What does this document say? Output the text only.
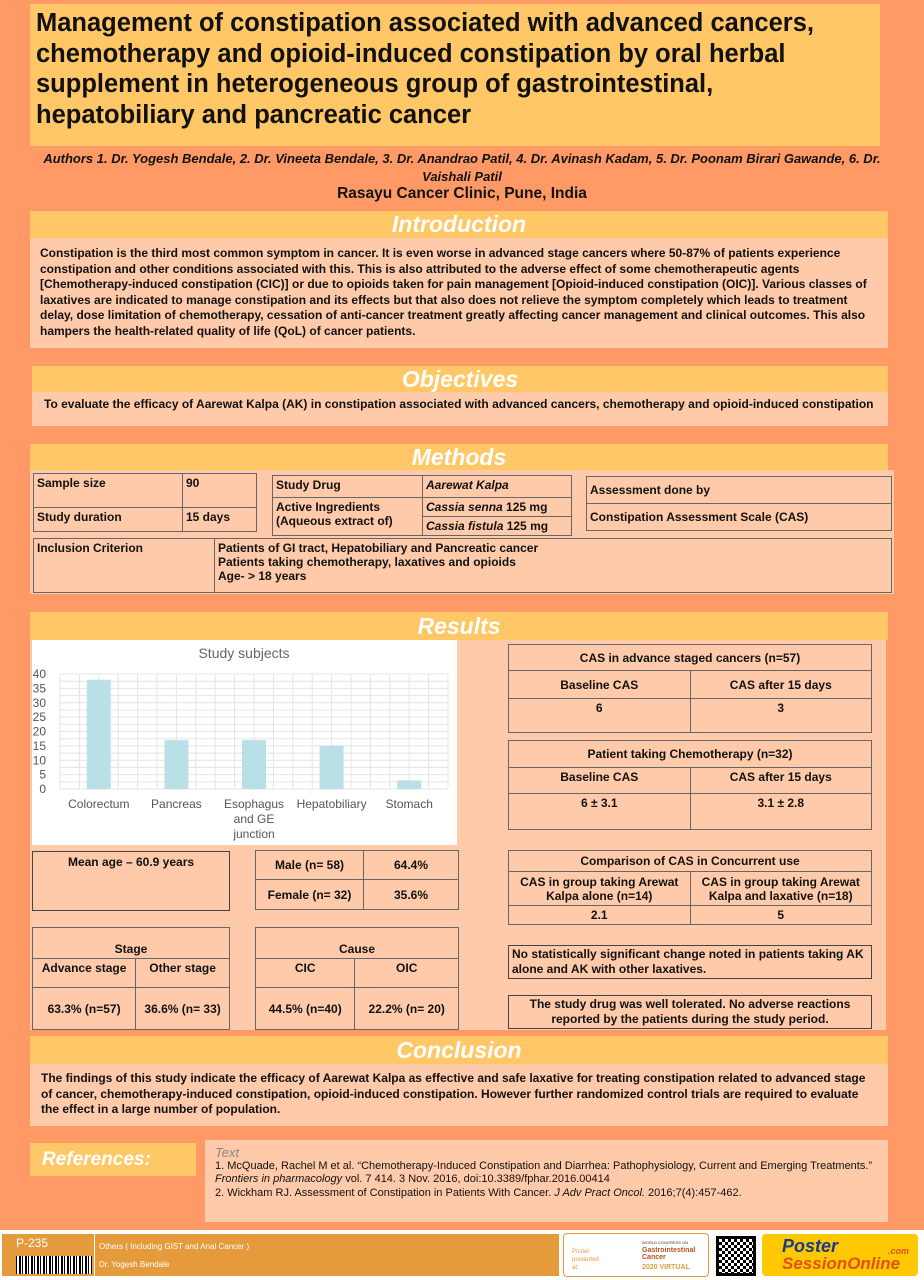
Management of constipation associated with advanced cancers, chemotherapy and opioid-induced constipation by oral herbal supplement in heterogeneous group of gastrointestinal, hepatobiliary and pancreatic cancer
Authors 1. Dr. Yogesh Bendale, 2. Dr. Vineeta Bendale, 3. Dr. Anandrao Patil, 4. Dr. Avinash Kadam, 5. Dr. Poonam Birari Gawande, 6. Dr. Vaishali Patil
Rasayu Cancer Clinic, Pune, India
Introduction
Constipation is the third most common symptom in cancer. It is even worse in advanced stage cancers where 50-87% of patients experience constipation and other conditions associated with this. This is also attributed to the adverse effect of some chemotherapeutic agents [Chemotherapy-induced constipation (CIC)] or due to opioids taken for pain management [Opioid-induced constipation (OIC)]. Various classes of laxatives are indicated to manage constipation and its effects but that also does not relieve the symptom completely which leads to treatment delay, dose limitation of chemotherapy, cessation of anti-cancer treatment greatly affecting cancer management and clinical outcomes. This also hampers the health-related quality of life (QoL) of cancer patients.
Objectives
To evaluate the efficacy of Aarewat Kalpa (AK) in constipation associated with advanced cancers, chemotherapy and opioid-induced constipation
Methods
Sample size	90
Study duration	15 days
Study Drug	Aarewat Kalpa
Active Ingredients (Aqueous extract of)	Cassia senna 125 mg
	Cassia fistula 125 mg
Assessment done by
Constipation Assessment Scale (CAS)
Inclusion Criterion	Patients of GI tract, Hepatobiliary and Pancreatic cancer
Patients taking chemotherapy, laxatives and opioids
Age- > 18 years
Results
0
5
10
15
20
25
30
35
40
Study subjects
Colorectum Pancreas Esophagus and GE junction
Hepatobiliary Stomach
Mean age – 60.9 years	Male (n= 58)	64.4%
Female (n= 32)	35.6%
Stage	
Advance stage	Other stage
63.3% (n=57)	36.6% (n= 33)
Cause	
CIC	OIC
44.5% (n=40)	22.2% (n= 20)
CAS in advance staged cancers (n=57)	
Baseline CAS	CAS after 15 days
6	3
Patient taking Chemotherapy (n=32)	
Baseline CAS	CAS after 15 days
6 ± 3.1	3.1 ± 2.8
Comparison of CAS in Concurrent use	
CAS in group taking Arewat Kalpa alone (n=14)	CAS in group taking Arewat Kalpa and laxative (n=18)
2.1	5
No statistically significant change noted in patients taking AK alone and AK with other laxatives.
The study drug was well tolerated. No adverse reactions reported by the patients during the study period.
Conclusion
The findings of this study indicate the efficacy of Aarewat Kalpa as effective and safe laxative for treating constipation related to advanced stage of cancer, chemotherapy-induced constipation, opioid-induced constipation. However further randomized control trials are required to evaluate the effect in a large number of population.
References:	Text
1. McQuade, Rachel M et al. “Chemotherapy-Induced Constipation and Diarrhea: Pathophysiology, Current and Emerging Treatments.” Frontiers in pharmacology vol. 7 414. 3 Nov. 2016, doi:10.3389/fphar.2016.00414
2. Wickham RJ. Assessment of Constipation in Patients With Cancer. J Adv Pract Oncol. 2016;7(4):457-462.
P-235	Others ( Including GIST and Anal Cancer )
Dr. Yogesh Bendale
Poster presented at:
WORLD CONGRESS ON
Gastrointestinal Cancer
2020 VIRTUAL
Poster
SessionOnline
.com
